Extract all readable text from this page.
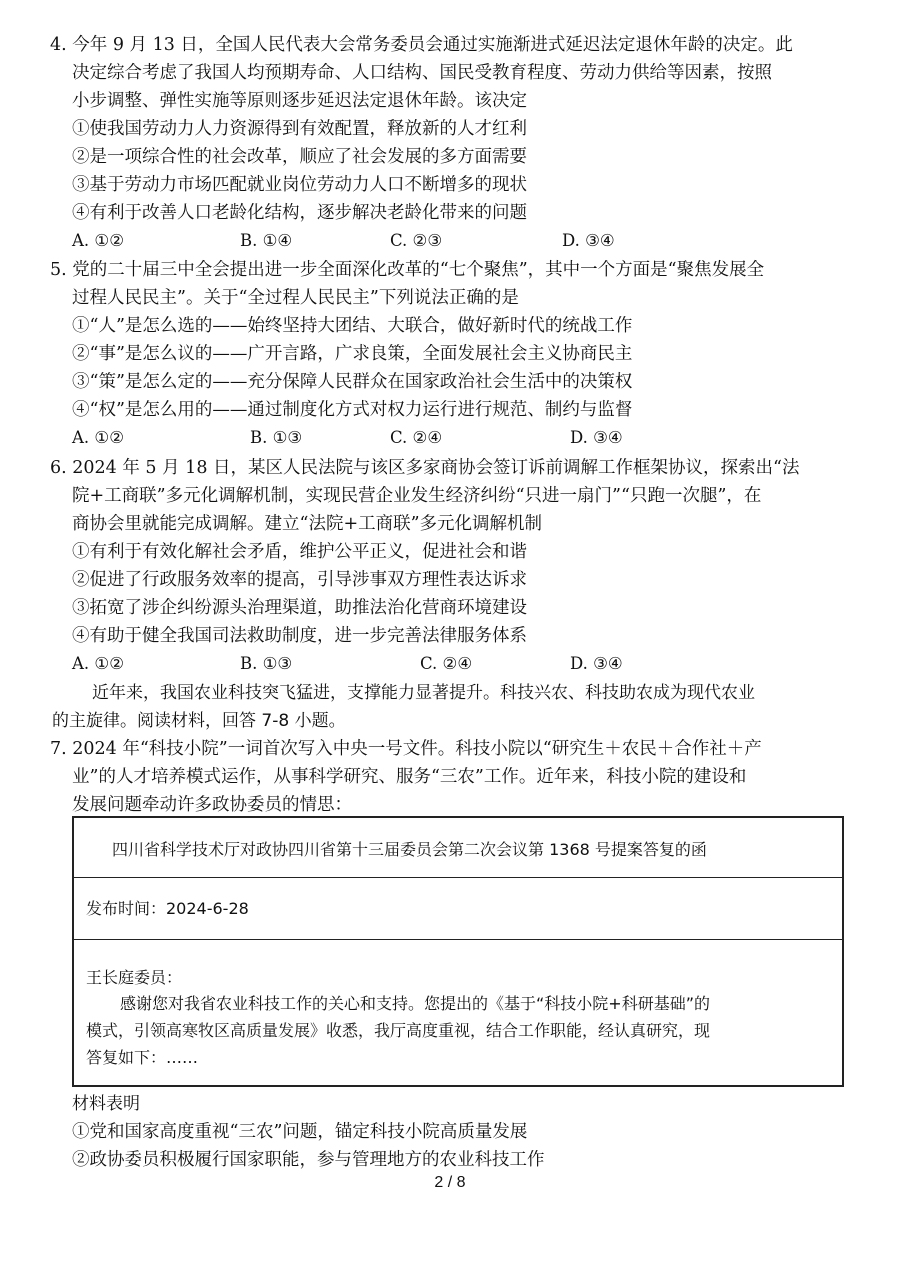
4. 今年 9 月 13 日，全国人民代表大会常务委员会通过实施渐进式延迟法定退休年龄的决定。此
决定综合考虑了我国人均预期寿命、人口结构、国民受教育程度、劳动力供给等因素，按照
小步调整、弹性实施等原则逐步延迟法定退休年龄。该决定
①使我国劳动力人力资源得到有效配置，释放新的人才红利
②是一项综合性的社会改革，顺应了社会发展的多方面需要
③基于劳动力市场匹配就业岗位劳动力人口不断增多的现状
④有利于改善人口老龄化结构，逐步解决老龄化带来的问题
A. ①②	B. ①④	C. ②③	D. ③④
5. 党的二十届三中全会提出进一步全面深化改革的“七个聚焦”，其中一个方面是“聚焦发展全
过程人民民主”。关于“全过程人民民主”下列说法正确的是
①“人”是怎么选的——始终坚持大团结、大联合，做好新时代的统战工作
②“事”是怎么议的——广开言路，广求良策，全面发展社会主义协商民主
③“策”是怎么定的——充分保障人民群众在国家政治社会生活中的决策权
④“权”是怎么用的——通过制度化方式对权力运行进行规范、制约与监督
A. ①②	B. ①③	C. ②④	D. ③④
6. 2024 年 5 月 18 日，某区人民法院与该区多家商协会签订诉前调解工作框架协议，探索出“法
院+工商联”多元化调解机制，实现民营企业发生经济纠纷“只进一扇门”“只跑一次腿”，在
商协会里就能完成调解。建立“法院+工商联”多元化调解机制
①有利于有效化解社会矛盾，维护公平正义，促进社会和谐
②促进了行政服务效率的提高，引导涉事双方理性表达诉求
③拓宽了涉企纠纷源头治理渠道，助推法治化营商环境建设
④有助于健全我国司法救助制度，进一步完善法律服务体系
A. ①②	B. ①③	C. ②④	D. ③④
近年来，我国农业科技突飞猛进，支撑能力显著提升。科技兴农、科技助农成为现代农业
的主旋律。阅读材料，回答 7-8 小题。
7. 2024 年“科技小院”一词首次写入中央一号文件。科技小院以“研究生＋农民＋合作社＋产
业”的人才培养模式运作，从事科学研究、服务“三农”工作。近年来，科技小院的建设和
发展问题牵动许多政协委员的情思：
四川省科学技术厅对政协四川省第十三届委员会第二次会议第 1368 号提案答复的函
发布时间：2024-6-28
王长庭委员：
感谢您对我省农业科技工作的关心和支持。您提出的《基于“科技小院+科研基础”的
模式，引领高寒牧区高质量发展》收悉，我厅高度重视，结合工作职能，经认真研究，现
答复如下：……
材料表明
①党和国家高度重视“三农”问题，锚定科技小院高质量发展
②政协委员积极履行国家职能，参与管理地方的农业科技工作
2 / 8
